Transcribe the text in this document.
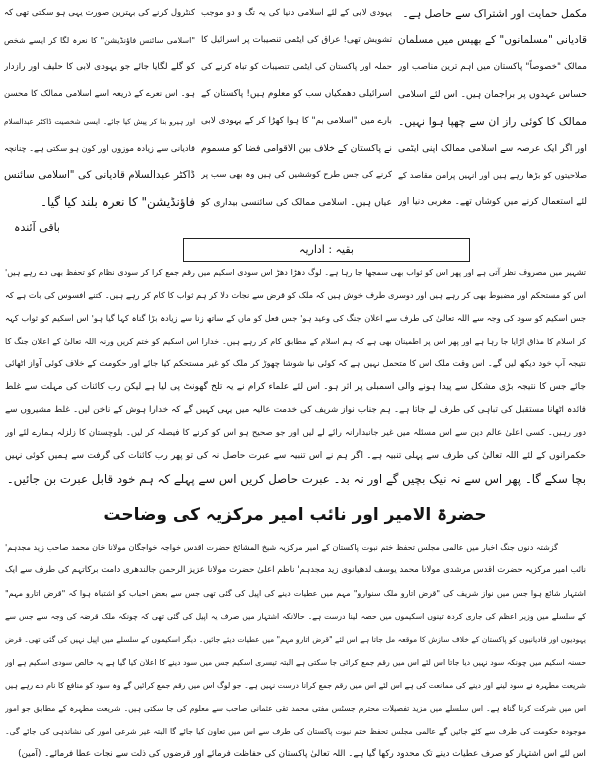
مکمل حمایت اور اشتراک سے حاصل ہے۔
قادیانی "مسلمانوں" کے بھیس میں مسلمان
ممالک "خصوصاً" پاکستان میں اہم ترین مناصب اور
حساس عہدوں پر براجمان ہیں۔ اس لئے اسلامی
ممالک کا کوئی راز ان سے چھپا ہوا نہیں۔
اور اگر ایک عرصہ سے اسلامی ممالک اپنی ایٹمی
صلاحیتوں کو بڑھا رہے ہیں اور انہیں پرامن مقاصد کے
لئے استعمال کرنے میں کوشاں تھے۔ مغربی دنیا اور
یہودی لابی کے لئے اسلامی دنیا کی یہ تگ و دو موجب
تشویش تھی! عراق کی ایٹمی تنصیبات پر اسرائیل کا
حملہ اور پاکستان کی ایٹمی تنصیبات کو تباہ کرنے کی
اسرائیلی دھمکیاں سب کو معلوم ہیں! پاکستان کے
بارے میں "اسلامی بم" کا ہوا کھڑا کر کے یہودی لابی
نے پاکستان کے خلاف بین الاقوامی فضا کو مسموم
کرنے کی جس طرح کوششیں کی ہیں وہ بھی سب پر
عیاں ہیں۔ اسلامی ممالک کی سائنسی بیداری کو
کنٹرول کرنے کی بہترین صورت یہی ہو سکتی تھی کہ
"اسلامی سائنس فاؤنڈیشن" کا نعرہ لگا کر ایسے شخص
کو گلے لگایا جائے جو یہودی لابی کا حلیف اور رازدار
ہو۔ اس نعرے کے ذریعہ اسے اسلامی ممالک کا محسن
اور ہیرو بنا کر پیش کیا جائے۔ ایسی شخصیت ڈاکٹر عبدالسلام
قادیانی سے زیادہ موزوں اور کون ہو سکتی ہے۔ چنانچہ
ڈاکٹر عبدالسلام قادیانی کی "اسلامی سائنس
فاؤنڈیشن" کا نعرہ بلند کیا گیا۔
باقی آئندہ
بقیہ : اداریہ
تشہیر میں مصروف نظر آتی ہے اور پھر اس کو ثواب بھی سمجھا جا رہا ہے۔ لوگ دھڑا دھڑ اس سودی اسکیم میں رقم جمع کرا کر سودی نظام کو تحفظ بھی دے رہے ہیں'
اس کو مستحکم اور مضبوط بھی کر رہے ہیں اور دوسری طرف خوش ہیں کہ ملک کو قرض سے نجات دلا کر ہم ثواب کا کام کر رہے ہیں۔ کتنے افسوس کی بات ہے کہ
جس اسکیم کو سود کی وجہ سے اللہ تعالیٰ کی طرف سے اعلان جنگ کی وعید ہو' جس فعل کو ماں کے ساتھ زنا سے زیادہ بڑا گناہ کہا گیا ہو' اس اسکیم کو ثواب کہہ
کر اسلام کا مذاق اڑایا جا رہا ہے اور پھر اس پر اطمینان بھی ہے کہ ہم اسلام کے مطابق کام کر رہے ہیں۔ خدارا اس اسکیم کو ختم کریں ورنہ اللہ تعالیٰ کے اعلان جنگ کا
نتیجہ آپ خود دیکھ لیں گے۔ اس وقت ملک اس کا متحمل نہیں ہے کہ کوئی نیا شوشا چھوڑ کر ملک کو غیر مستحکم کیا جائے اور حکومت کے خلاف کوئی آواز اٹھائی
جائے جس کا نتیجہ بڑی مشکل سے پیدا ہونے والی اسمبلی پر اثر ہو۔ اس لئے علماء کرام نے یہ تلخ گھونٹ پی لیا ہے لیکن رب کائنات کی مہلت سے غلط
فائدہ اٹھانا مستقبل کی تباہی کی طرف لے جاتا ہے۔ ہم جناب نواز شریف کی خدمت عالیہ میں یہی کہیں گے کہ خدارا ہوش کے ناخن لیں۔ غلط مشیروں سے
دور رہیں۔ کسی اعلیٰ عالم دین سے اس مسئلہ میں غیر جانبدارانہ رائے لے لیں اور جو صحیح ہو اس کو کرنے کا فیصلہ کر لیں۔ بلوچستان کا زلزلہ ہمارے لئے اور
حکمرانوں کے لئے اللہ تعالیٰ کی طرف سے پہلی تنبیہ ہے۔ اگر ہم نے اس تنبیہ سے عبرت حاصل نہ کی تو پھر رب کائنات کی گرفت سے ہمیں کوئی نہیں
بچا سکے گا۔ پھر اس سے نہ نیک بچیں گے اور نہ بد۔ عبرت حاصل کریں اس سے پہلے کہ ہم خود قابل عبرت بن جائیں۔
حضرۃ الامیر اور نائب امیر مرکزیہ کی وضاحت
گزشتہ دنوں جنگ اخبار میں عالمی مجلس تحفظ ختم نبوت پاکستان کے امیر مرکزیہ شیخ المشائخ حضرت اقدس خواجہ خواجگان مولانا خان محمد صاحب زید مجدہم'
نائب امیر مرکزیہ حضرت اقدس مرشدی مولانا محمد یوسف لدھیانوی زید مجدہم' ناظم اعلیٰ حضرت مولانا عزیز الرحمن جالندھری دامت برکاتہم کی طرف سے ایک
اشتہار شائع ہوا جس میں نواز شریف کی "قرض اتارو ملک سنوارو" مہم میں عطیات دینے کی اپیل کی گئی تھی جس سے بعض احباب کو اشتباہ ہوا کہ "قرض اتارو مہم"
کے سلسلے میں وزیر اعظم کی جاری کردہ تینوں اسکیموں میں حصہ لینا درست ہے۔ حالانکہ اشتہار میں صرف یہ اپیل کی گئی تھی کہ چونکہ ملک قرضہ کی وجہ سے جس سے
یہودیوں اور قادیانیوں کو پاکستان کے خلاف سازش کا موقعہ مل جاتا ہے اس لئے "قرض اتارو مہم" میں عطیات دیئے جائیں۔ دیگر اسکیموں کے سلسلے میں اپیل نہیں کی گئی تھی۔ قرض
حسنہ اسکیم میں چونکہ سود نہیں دیا جاتا اس لئے اس میں رقم جمع کرائی جا سکتی ہے البتہ تیسری اسکیم جس میں سود دینے کا اعلان کیا گیا ہے یہ خالص سودی اسکیم ہے اور
شریعت مطہرہ نے سود لینے اور دینے کی ممانعت کی ہے اس لئے اس میں رقم جمع کرانا درست نہیں ہے۔ جو لوگ اس میں رقم جمع کرائیں گے وہ سود کو منافع کا نام دے رہے ہیں
اس میں شرکت کرنا گناہ ہے۔ اس سلسلے میں مزید تفصیلات محترم جسٹس مفتی محمد تقی عثمانی صاحب سے معلوم کی جا سکتی ہیں۔ شریعت مطہرہ کے مطابق جو امور
موجودہ حکومت کی طرف سے کئے جائیں گے عالمی مجلس تحفظ ختم نبوت پاکستان کی طرف سے اس میں تعاون کیا جائے گا البتہ غیر شرعی امور کی نشاندہی کی جائے گی۔
اس لئے اس اشتہار کو صرف عطیات دینے تک محدود رکھا گیا ہے۔ اللہ تعالیٰ پاکستان کی حفاظت فرمائے اور قرضوں کی ذلت سے نجات عطا فرمائے۔ (آمین)
